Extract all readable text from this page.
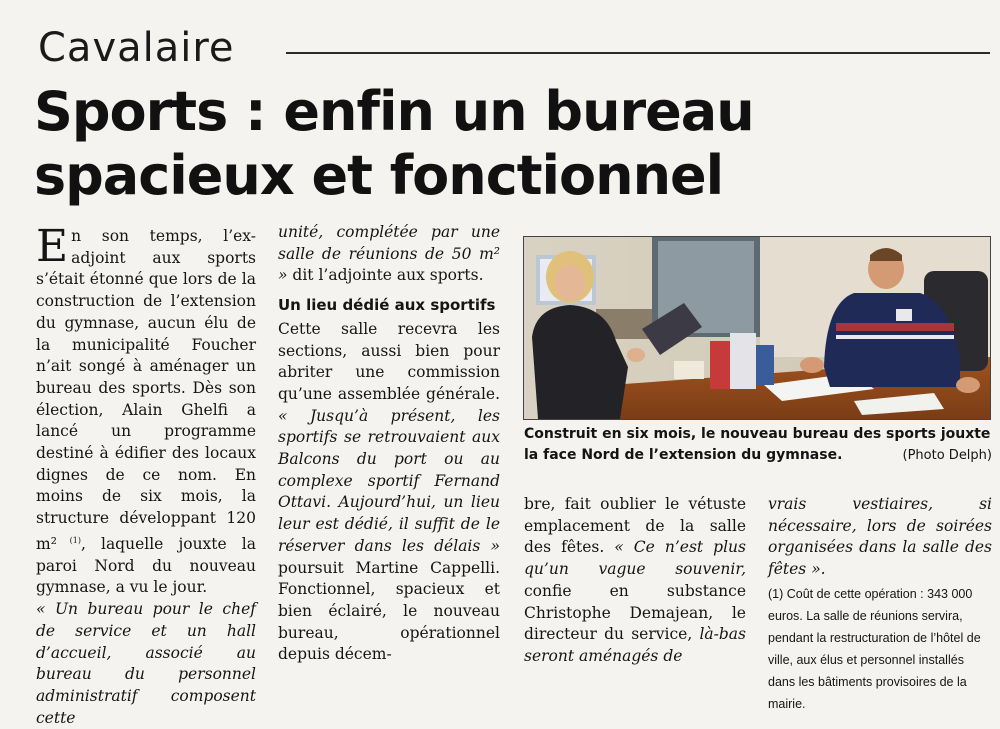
Cavalaire
Sports : enfin un bureau spacieux et fonctionnel

En son temps, l’ex-adjoint aux sports s’était étonné que lors de la construction de l’extension du gymnase, aucun élu de la municipalité Foucher n’ait songé à aménager un bureau des sports. Dès son élection, Alain Ghelfi a lancé un programme destiné à édifier des locaux dignes de ce nom. En moins de six mois, la structure développant 120 m² $^{(1)}$, laquelle jouxte la paroi Nord du nouveau gymnase, a vu le jour.

« Un bureau pour le chef de service et un hall d’accueil, associé au bureau du personnel administratif composent cette

unité, complétée par une salle de réunions de 50 m² » dit l’adjointe aux sports.

Un lieu dédié aux sportifs

Cette salle recevra les sections, aussi bien pour abriter une commission qu’une assemblée générale. « Jusqu’à présent, les sportifs se retrouvaient aux Balcons du port ou au complexe sportif Fernand Ottavi. Aujourd’hui, un lieu leur est dédié, il suffit de le réserver dans les délais » poursuit Martine Cappelli. Fonctionnel, spacieux et bien éclairé, le nouveau bureau, opérationnel depuis décem-

Construit en six mois, le nouveau bureau des sports jouxte la face Nord de l’extension du gymnase.	(Photo Delph)

bre, fait oublier le vétuste emplacement de la salle des fêtes. « Ce n’est plus qu’un vague souvenir, confie en substance Christophe Demajean, le directeur du service, là-bas seront aménagés de

vrais vestiaires, si nécessaire, lors de soirées organisées dans la salle des fêtes ».

(1) Coût de cette opération : 343 000 euros. La salle de réunions servira, pendant la restructuration de l’hôtel de ville, aux élus et personnel installés dans les bâtiments provisoires de la mairie.
